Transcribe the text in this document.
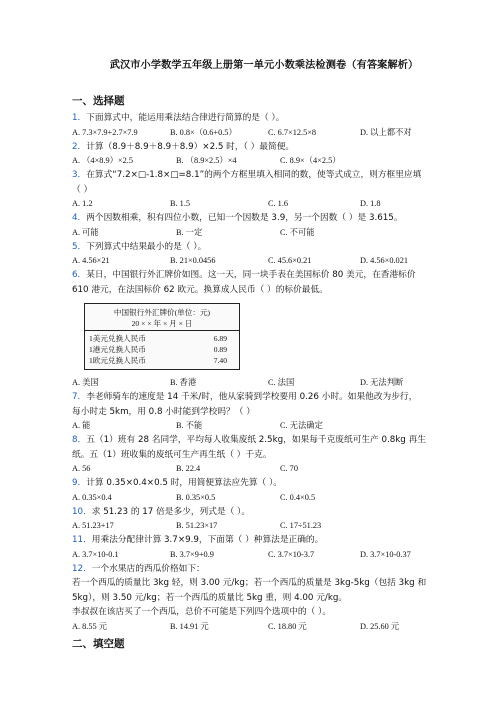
武汉市小学数学五年级上册第一单元小数乘法检测卷（有答案解析）
一、选择题
1．下面算式中，能运用乘法结合律进行简算的是（ ）。
A. 7.3×7.9+2.7×7.9	B. 0.8×（0.6+0.5）	C. 6.7×12.5×8	D. 以上都不对
2．计算（8.9＋8.9＋8.9＋8.9）×2.5 时，（ ）最简便。
A. （4×8.9）×2.5	B. （8.9×2.5）×4	C. 8.9×（4×2.5）
3．在算式“7.2×□-1.8×□=8.1”的两个方框里填入相同的数，使等式成立，则方框里应填
（ ）
A. 1.2	B. 1.5	C. 1.6	D. 1.8
4．两个因数相乘，积有四位小数，已知一个因数是 3.9，另一个因数（ ）是 3.615。
A. 可能	B. 一定	C. 不可能
5．下列算式中结果最小的是（ ）。
A. 4.56×21	B. 21×0.0456	C. 45.6×0.21	D. 4.56×0.021
6．某日，中国银行外汇牌价如图。这一天，同一块手表在美国标价 80 美元，在香港标价
610 港元，在法国标价 62 欧元。换算成人民币（ ）的标价最低。
中国银行外汇牌价(单位：元)
20 × × 年 × 月 × 日
1美元兑换人民币	6.89
1港元兑换人民币	0.89
1欧元兑换人民币	7.40
A. 美国	B. 香港	C. 法国	D. 无法判断
7．李老师骑车的速度是 14 千米/时，他从家骑到学校要用 0.26 小时。如果他改为步行，
每小时走 5km，用 0.8 小时能到学校吗？（ ）
A. 能	B. 不能	C. 无法确定
8．五（1）班有 28 名同学，平均每人收集废纸 2.5kg，如果每千克废纸可生产 0.8kg 再生
纸。五（1）班收集的废纸可生产再生纸（ ）千克。
A. 56	B. 22.4	C. 70
9．计算 0.35×0.4×0.5 时，用简便算法应先算（ ）。
A. 0.35×0.4	B. 0.35×0.5	C. 0.4×0.5
10．求 51.23 的 17 倍是多少，列式是（ ）。
A. 51.23+17	B. 51.23×17	C. 17÷51.23
11．用乘法分配律计算 3.7×9.9，下面第（ ）种算法是正确的。
A. 3.7×10-0.1	B. 3.7×9+0.9	C. 3.7×10-3.7	D. 3.7×10-0.37
12．一个水果店的西瓜价格如下：
若一个西瓜的质量比 3kg 轻，则 3.00 元/kg；若一个西瓜的质量是 3kg-5kg（包括 3kg 和
5kg），则 3.50 元/kg；若一个西瓜的质量比 5kg 重，则 4.00 元/kg。
李叔叔在该店买了一个西瓜，总价不可能是下列四个选项中的（ ）。
A. 8.55 元	B. 14.91 元	C. 18.80 元	D. 25.60 元
二、填空题
